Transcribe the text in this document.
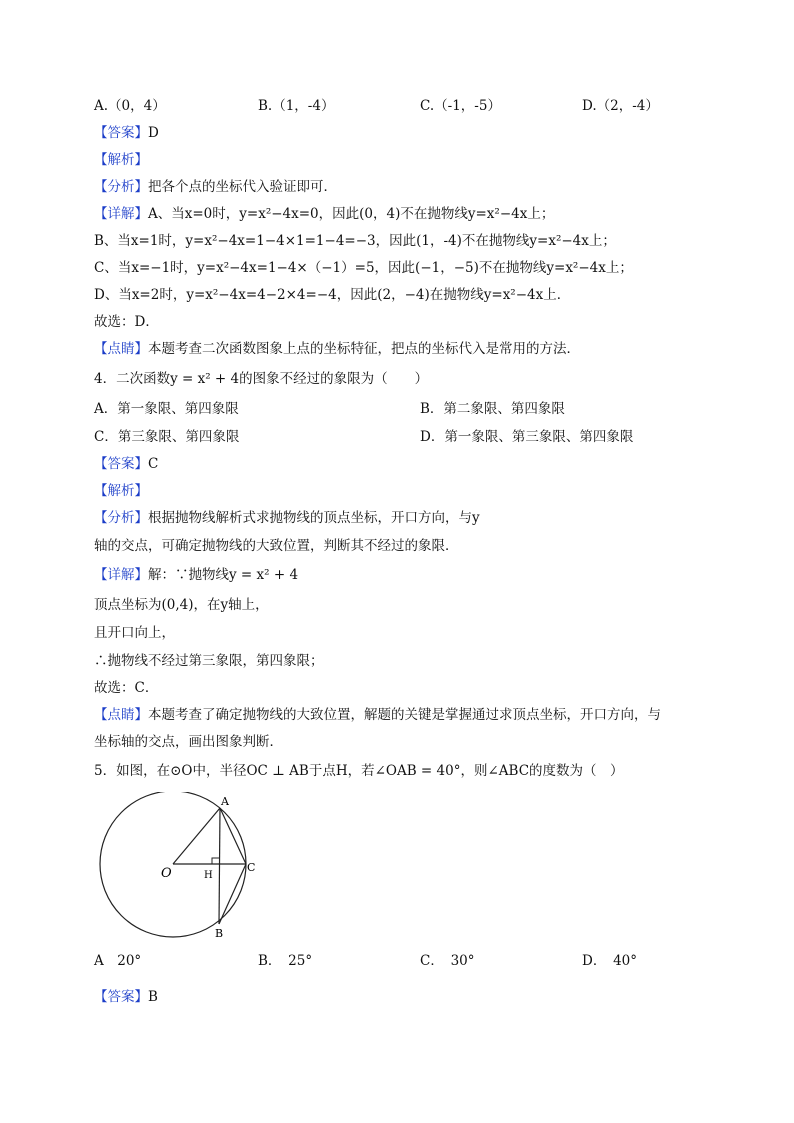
A.（0，4）	B.（1，-4）	C.（-1，-5）	D.（2，-4）
【答案】D
【解析】
【分析】把各个点的坐标代入验证即可．
【详解】A、当x=0时，y=x²−4x=0，因此(0，4)不在抛物线y=x²−4x上；
B、当x=1时，y=x²−4x=1−4×1=1−4=−3，因此(1，-4)不在抛物线y=x²−4x上；
C、当x=−1时，y=x²−4x=1−4×（−1）=5，因此(−1，−5)不在抛物线y=x²−4x上；
D、当x=2时，y=x²−4x=4−2×4=−4，因此(2，−4)在抛物线y=x²−4x上．
故选：D．
【点睛】本题考查二次函数图象上点的坐标特征，把点的坐标代入是常用的方法．
4．二次函数y = x² + 4的图象不经过的象限为（　　）
A．第一象限、第四象限	B．第二象限、第四象限
C．第三象限、第四象限	D．第一象限、第三象限、第四象限
【答案】C
【解析】
【分析】根据抛物线解析式求抛物线的顶点坐标，开口方向，与y
轴的交点，可确定抛物线的大致位置，判断其不经过的象限．
【详解】解：∵抛物线y = x² + 4
顶点坐标为(0,4)，在y轴上，
且开口向上，
∴抛物线不经过第三象限，第四象限；
故选：C．
【点睛】本题考查了确定抛物线的大致位置，解题的关键是掌握通过求顶点坐标，开口方向，与
坐标轴的交点，画出图象判断．
5．如图，在⊙O中，半径OC ⊥ AB于点H，若∠OAB = 40°，则∠ABC的度数为（　）
A
B
C
O	H
A　20°	B．　25°	C．　30°	D．　40°
【答案】B
